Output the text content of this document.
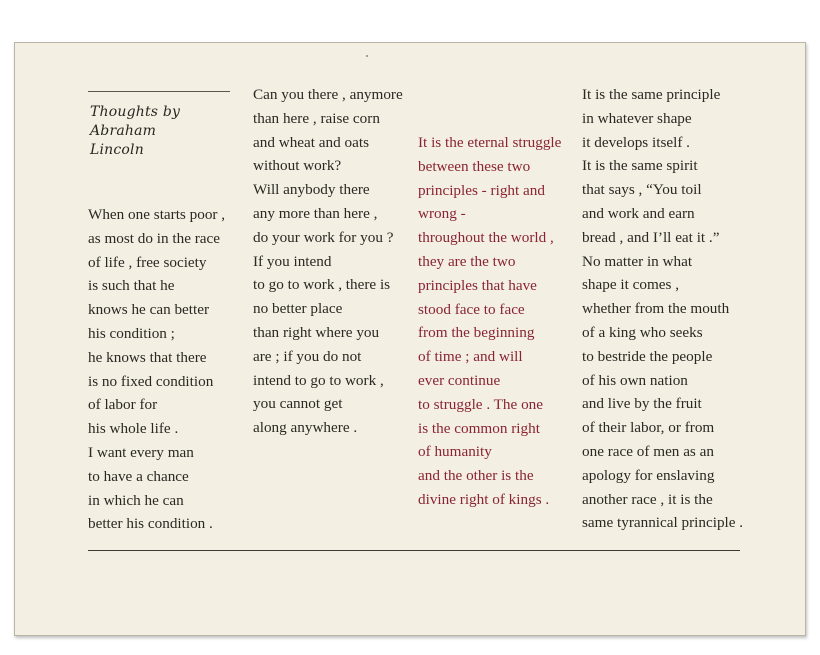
Thoughts by
Abraham
Lincoln
When one starts poor ,
as most do in the race
of life , free society
is such that he
knows he can better
his condition ;
he knows that there
is no fixed condition
of labor for
his whole life .
I want every man
to have a chance
in which he can
better his condition .
Can you there , anymore
than here , raise corn
and wheat and oats
without work?
Will anybody there
any more than here ,
do your work for you ?
If you intend
to go to work , there is
no better place
than right where you
are ; if you do not
intend to go to work ,
you cannot get
along anywhere .
It is the eternal struggle
between these two
principles - right and
wrong -
throughout the world ,
they are the two
principles that have
stood face to face
from the beginning
of time ; and will
ever continue
to struggle . The one
is the common right
of humanity
and the other is the
divine right of kings .
It is the same principle
in whatever shape
it develops itself .
It is the same spirit
that says , “You toil
and work and earn
bread , and I’ll eat it .”
No matter in what
shape it comes ,
whether from the mouth
of a king who seeks
to bestride the people
of his own nation
and live by the fruit
of their labor, or from
one race of men as an
apology for enslaving
another race , it is the
same tyrannical principle .
